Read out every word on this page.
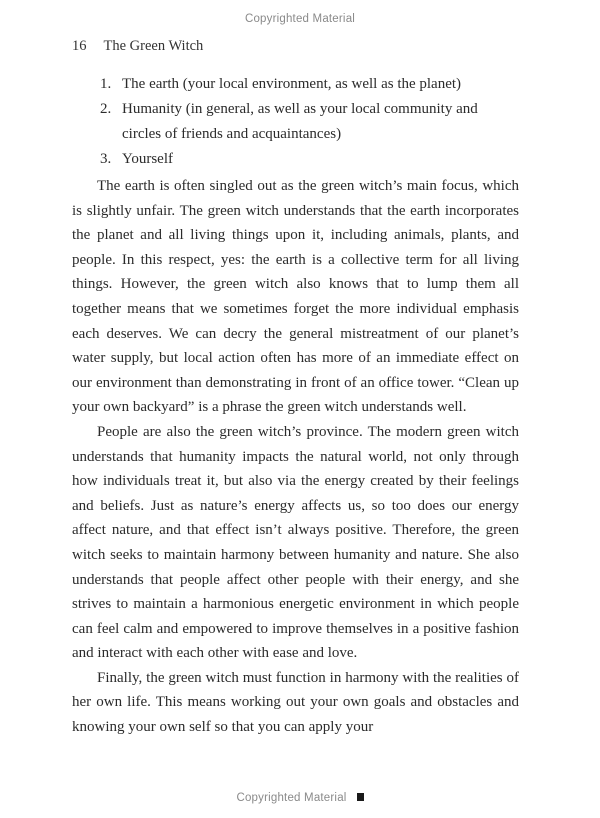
Copyrighted Material
16 The Green Witch
1. The earth (your local environment, as well as the planet)
2. Humanity (in general, as well as your local community and circles of friends and acquaintances)
3. Yourself

The earth is often singled out as the green witch’s main focus, which is slightly unfair. The green witch understands that the earth incorporates the planet and all living things upon it, including animals, plants, and people. In this respect, yes: the earth is a collective term for all living things. However, the green witch also knows that to lump them all together means that we sometimes forget the more individual emphasis each deserves. We can decry the general mistreatment of our planet’s water supply, but local action often has more of an immediate effect on our environment than demonstrating in front of an office tower. “Clean up your own backyard” is a phrase the green witch understands well.

People are also the green witch’s province. The modern green witch understands that humanity impacts the natural world, not only through how individuals treat it, but also via the energy created by their feelings and beliefs. Just as nature’s energy affects us, so too does our energy affect nature, and that effect isn’t always positive. Therefore, the green witch seeks to maintain harmony between humanity and nature. She also understands that people affect other people with their energy, and she strives to maintain a harmonious energetic environment in which people can feel calm and empowered to improve themselves in a positive fashion and interact with each other with ease and love.

Finally, the green witch must function in harmony with the realities of her own life. This means working out your own goals and obstacles and knowing your own self so that you can apply your

Copyrighted Material
